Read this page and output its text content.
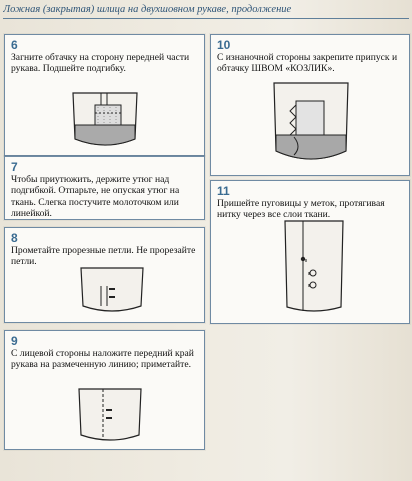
Ложная (закрытая) шлица на двухшовном рукаве, продолжение
6
Загните обтачку на сторону передней части рукава. Подшейте подгибку.
7
Чтобы приутюжить, держите утюг над подгибкой. Отпарьте, не опуская утюг на ткань. Слегка постучите молоточком или линейкой.
8
Прометайте прорезные петли. Не прорезайте петли.
9
С лицевой стороны наложите передний край рукава на размеченную линию; приметайте.
10
С изнаночной стороны закрепите припуск и обтачку ШВОМ «КОЗЛИК».
11
Пришейте пуговицы у меток, протягивая нитку через все слои ткани.
